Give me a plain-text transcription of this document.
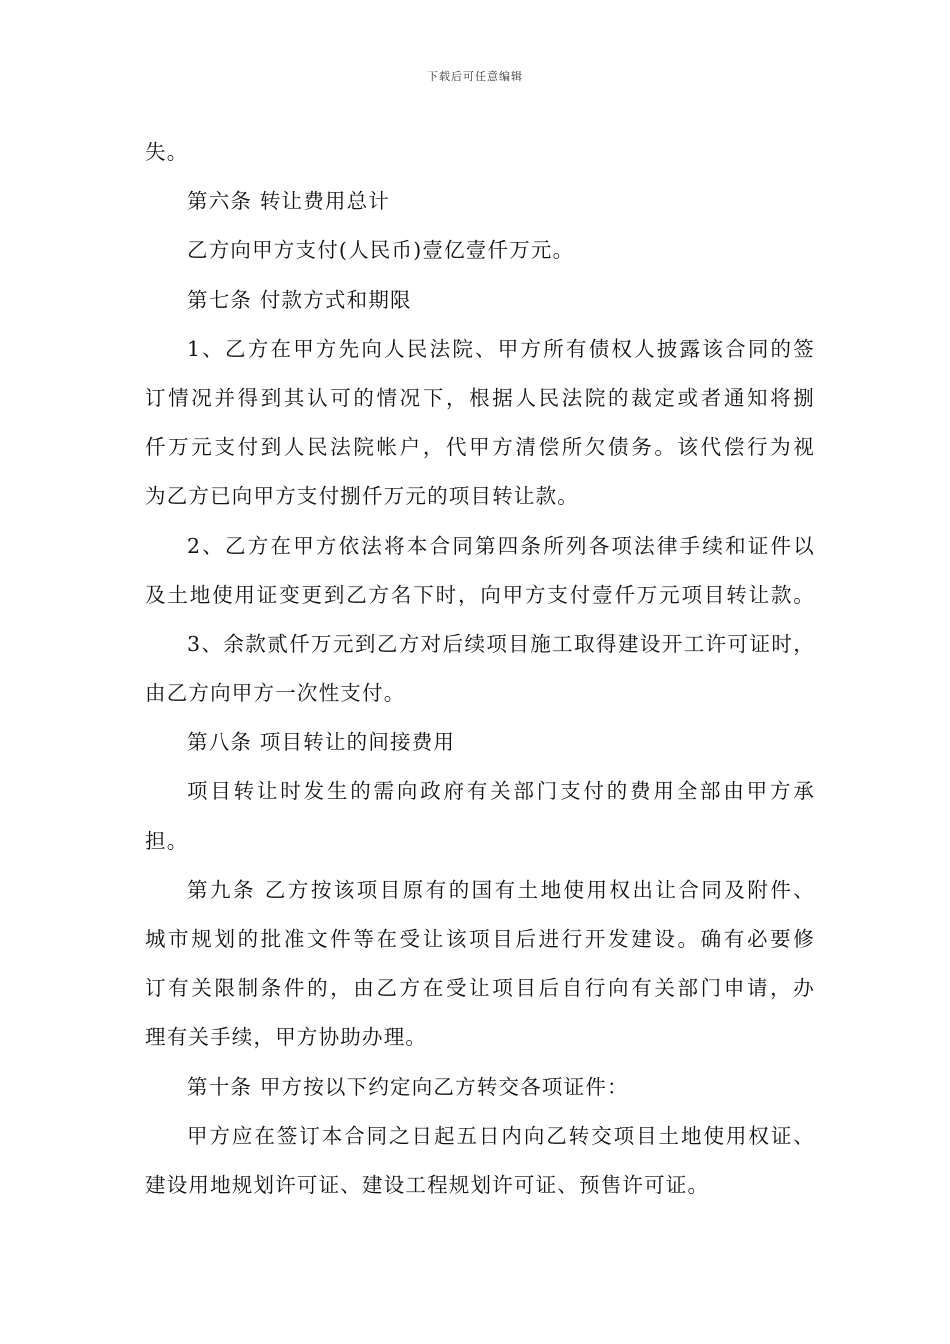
下载后可任意编辑
失。
第六条 转让费用总计
乙方向甲方支付(人民币)壹亿壹仟万元。
第七条 付款方式和期限
1、乙方在甲方先向人民法院、甲方所有债权人披露该合同的签
订情况并得到其认可的情况下，根据人民法院的裁定或者通知将捌
仟万元支付到人民法院帐户，代甲方清偿所欠债务。该代偿行为视
为乙方已向甲方支付捌仟万元的项目转让款。
2、乙方在甲方依法将本合同第四条所列各项法律手续和证件以
及土地使用证变更到乙方名下时，向甲方支付壹仟万元项目转让款。
3、余款贰仟万元到乙方对后续项目施工取得建设开工许可证时，
由乙方向甲方一次性支付。
第八条 项目转让的间接费用
项目转让时发生的需向政府有关部门支付的费用全部由甲方承
担。
第九条 乙方按该项目原有的国有土地使用权出让合同及附件、
城市规划的批准文件等在受让该项目后进行开发建设。确有必要修
订有关限制条件的，由乙方在受让项目后自行向有关部门申请，办
理有关手续，甲方协助办理。
第十条 甲方按以下约定向乙方转交各项证件：
甲方应在签订本合同之日起五日内向乙转交项目土地使用权证、
建设用地规划许可证、建设工程规划许可证、预售许可证。
